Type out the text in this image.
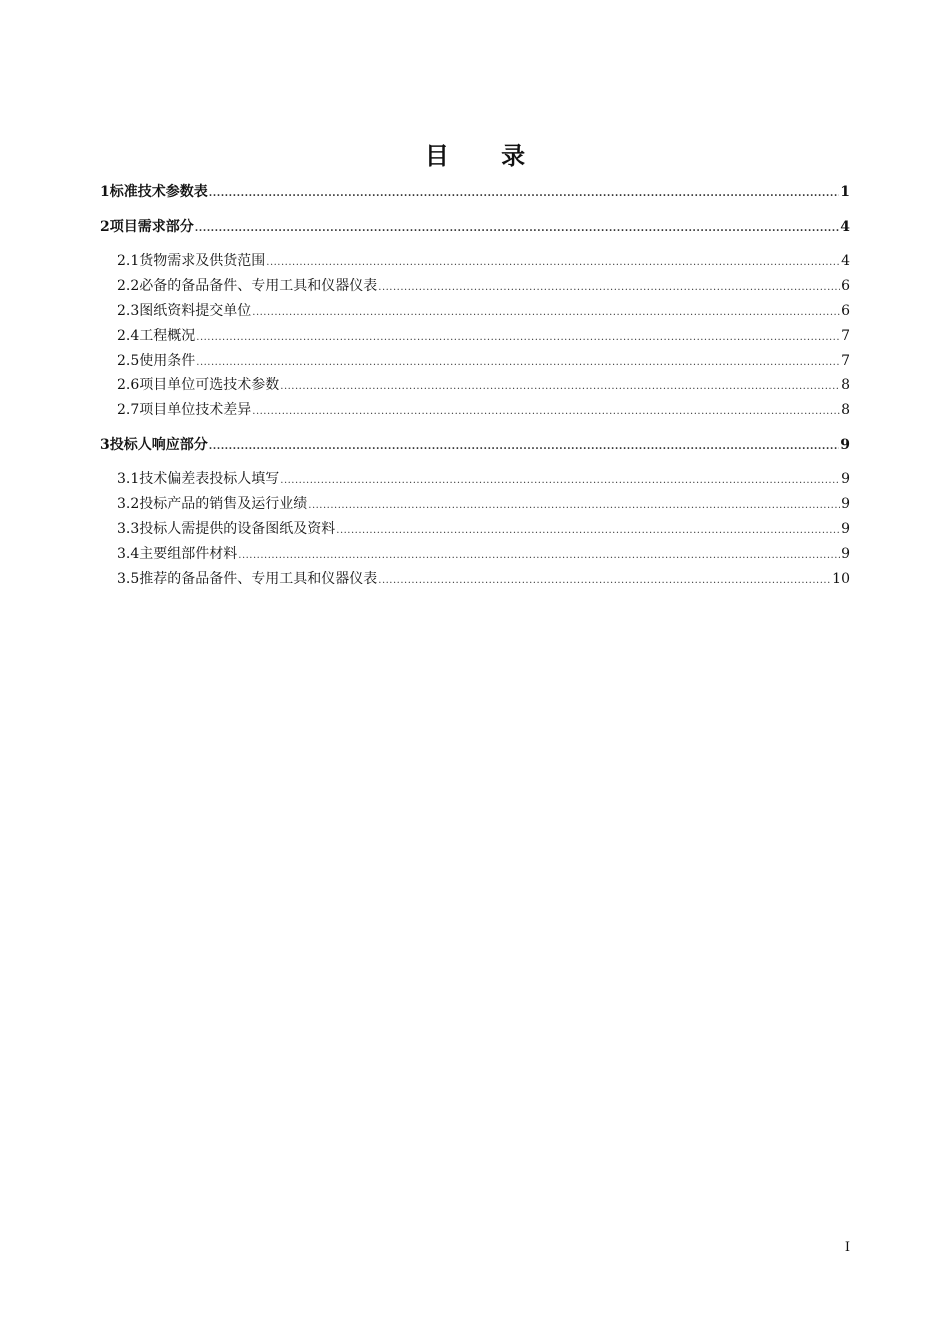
目 录
1 标准技术参数表 .....	1
2 项目需求部分 .....	4
2.1 货物需求及供货范围 .....	4
2.2 必备的备品备件、专用工具和仪器仪表 .....	6
2.3 图纸资料提交单位 .....	6
2.4 工程概况 .....	7
2.5 使用条件 .....	7
2.6 项目单位可选技术参数 .....	8
2.7 项目单位技术差异 .....	8
3 投标人响应部分 .....	9
3.1 技术偏差表投标人填写 .....	9
3.2 投标产品的销售及运行业绩 .....	9
3.3 投标人需提供的设备图纸及资料 .....	9
3.4 主要组部件材料 .....	9
3.5 推荐的备品备件、专用工具和仪器仪表 .....	10
I
